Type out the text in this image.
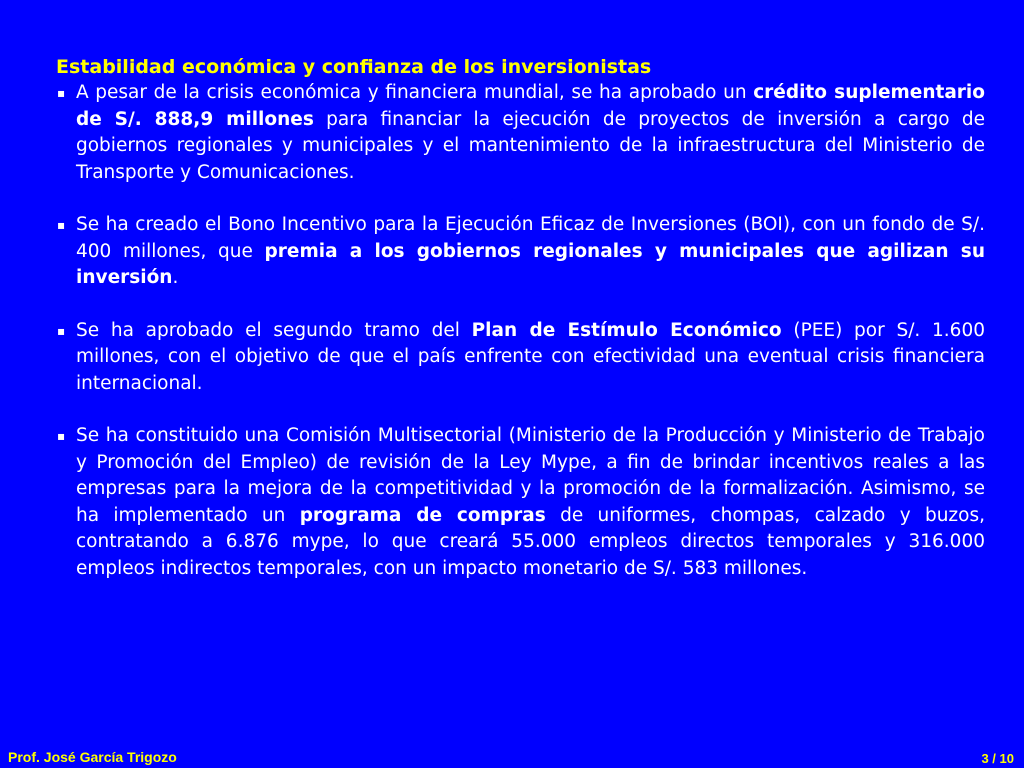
Estabilidad económica y confianza de los inversionistas
▪ A pesar de la crisis económica y financiera mundial, se ha aprobado un crédito suplementario de S/. 888,9 millones para financiar la ejecución de proyectos de inversión a cargo de gobiernos regionales y municipales y el mantenimiento de la infraestructura del Ministerio de Transporte y Comunicaciones.
▪ Se ha creado el Bono Incentivo para la Ejecución Eficaz de Inversiones (BOI), con un fondo de S/. 400 millones, que premia a los gobiernos regionales y municipales que agilizan su inversión.
▪ Se ha aprobado el segundo tramo del Plan de Estímulo Económico (PEE) por S/. 1.600 millones, con el objetivo de que el país enfrente con efectividad una eventual crisis financiera internacional.
▪ Se ha constituido una Comisión Multisectorial (Ministerio de la Producción y Ministerio de Trabajo y Promoción del Empleo) de revisión de la Ley Mype, a fin de brindar incentivos reales a las empresas para la mejora de la competitividad y la promoción de la formalización. Asimismo, se ha implementado un programa de compras de uniformes, chompas, calzado y buzos, contratando a 6.876 mype, lo que creará 55.000 empleos directos temporales y 316.000 empleos indirectos temporales, con un impacto monetario de S/. 583 millones.
Prof. José García Trigozo	3 / 10
